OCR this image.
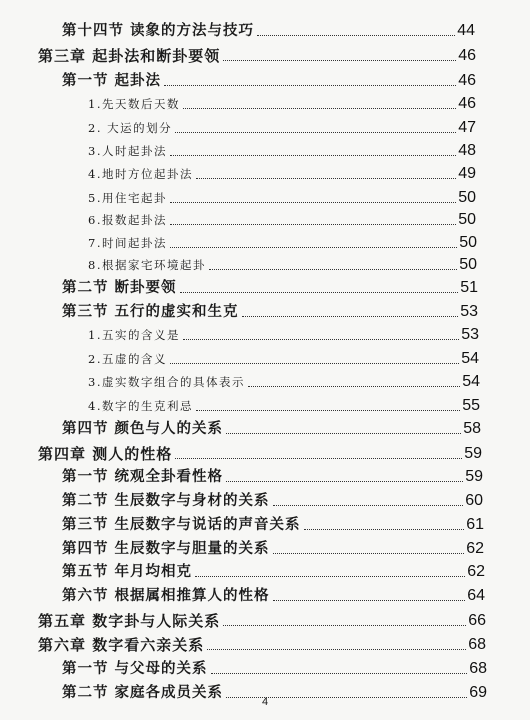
第十四节 读象的方法与技巧	44
第三章 起卦法和断卦要领	46
第一节 起卦法	46
1.先天数后天数	46
2. 大运的划分	47
3.人时起卦法	48
4.地时方位起卦法	49
5.用住宅起卦	50
6.报数起卦法	50
7.时间起卦法	50
8.根据家宅环境起卦	50
第二节 断卦要领	51
第三节 五行的虚实和生克	53
1.五实的含义是	53
2.五虚的含义	54
3.虚实数字组合的具体表示	54
4.数字的生克利忌	55
第四节 颜色与人的关系	58
第四章 测人的性格	59
第一节 统观全卦看性格	59
第二节 生辰数字与身材的关系	60
第三节 生辰数字与说话的声音关系	61
第四节 生辰数字与胆量的关系	62
第五节 年月均相克	62
第六节 根据属相推算人的性格	64
第五章 数字卦与人际关系	66
第六章 数字看六亲关系	68
第一节 与父母的关系	68
第二节 家庭各成员关系	69
4
